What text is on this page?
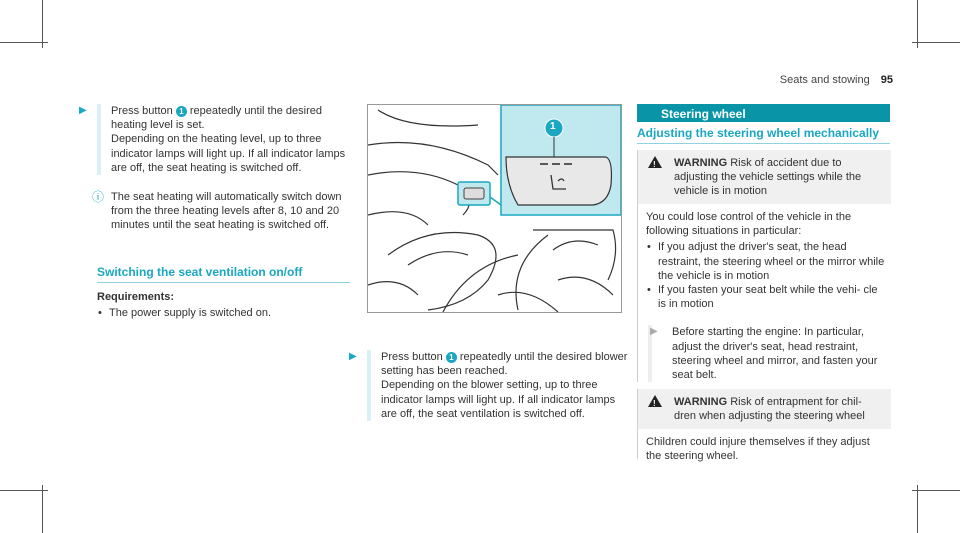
Seats and stowing 95
▶ Press button 1 repeatedly until the desired heating level is set.
Depending on the heating level, up to three indicator lamps will light up. If all indicator lamps are off, the seat heating is switched off.
ⓘ The seat heating will automatically switch down from the three heating levels after 8, 10 and 20 minutes until the seat heating is switched off.
Switching the seat ventilation on/off
Requirements:
• The power supply is switched on.
1
▶ Press button 1 repeatedly until the desired blower setting has been reached.
Depending on the blower setting, up to three indicator lamps will light up. If all indicator lamps are off, the seat ventilation is switched off.
Steering wheel
Adjusting the steering wheel mechanically
! WARNING Risk of accident due to adjusting the vehicle settings while the vehicle is in motion
You could lose control of the vehicle in the following situations in particular:
• If you adjust the driver's seat, the head restraint, the steering wheel or the mirror while the vehicle is in motion
• If you fasten your seat belt while the vehi- cle is in motion
▶	Before starting the engine: In particular, adjust the driver's seat, head restraint, steering wheel and mirror, and fasten your seat belt.
! WARNING Risk of entrapment for chil- dren when adjusting the steering wheel
Children could injure themselves if they adjust the steering wheel.
